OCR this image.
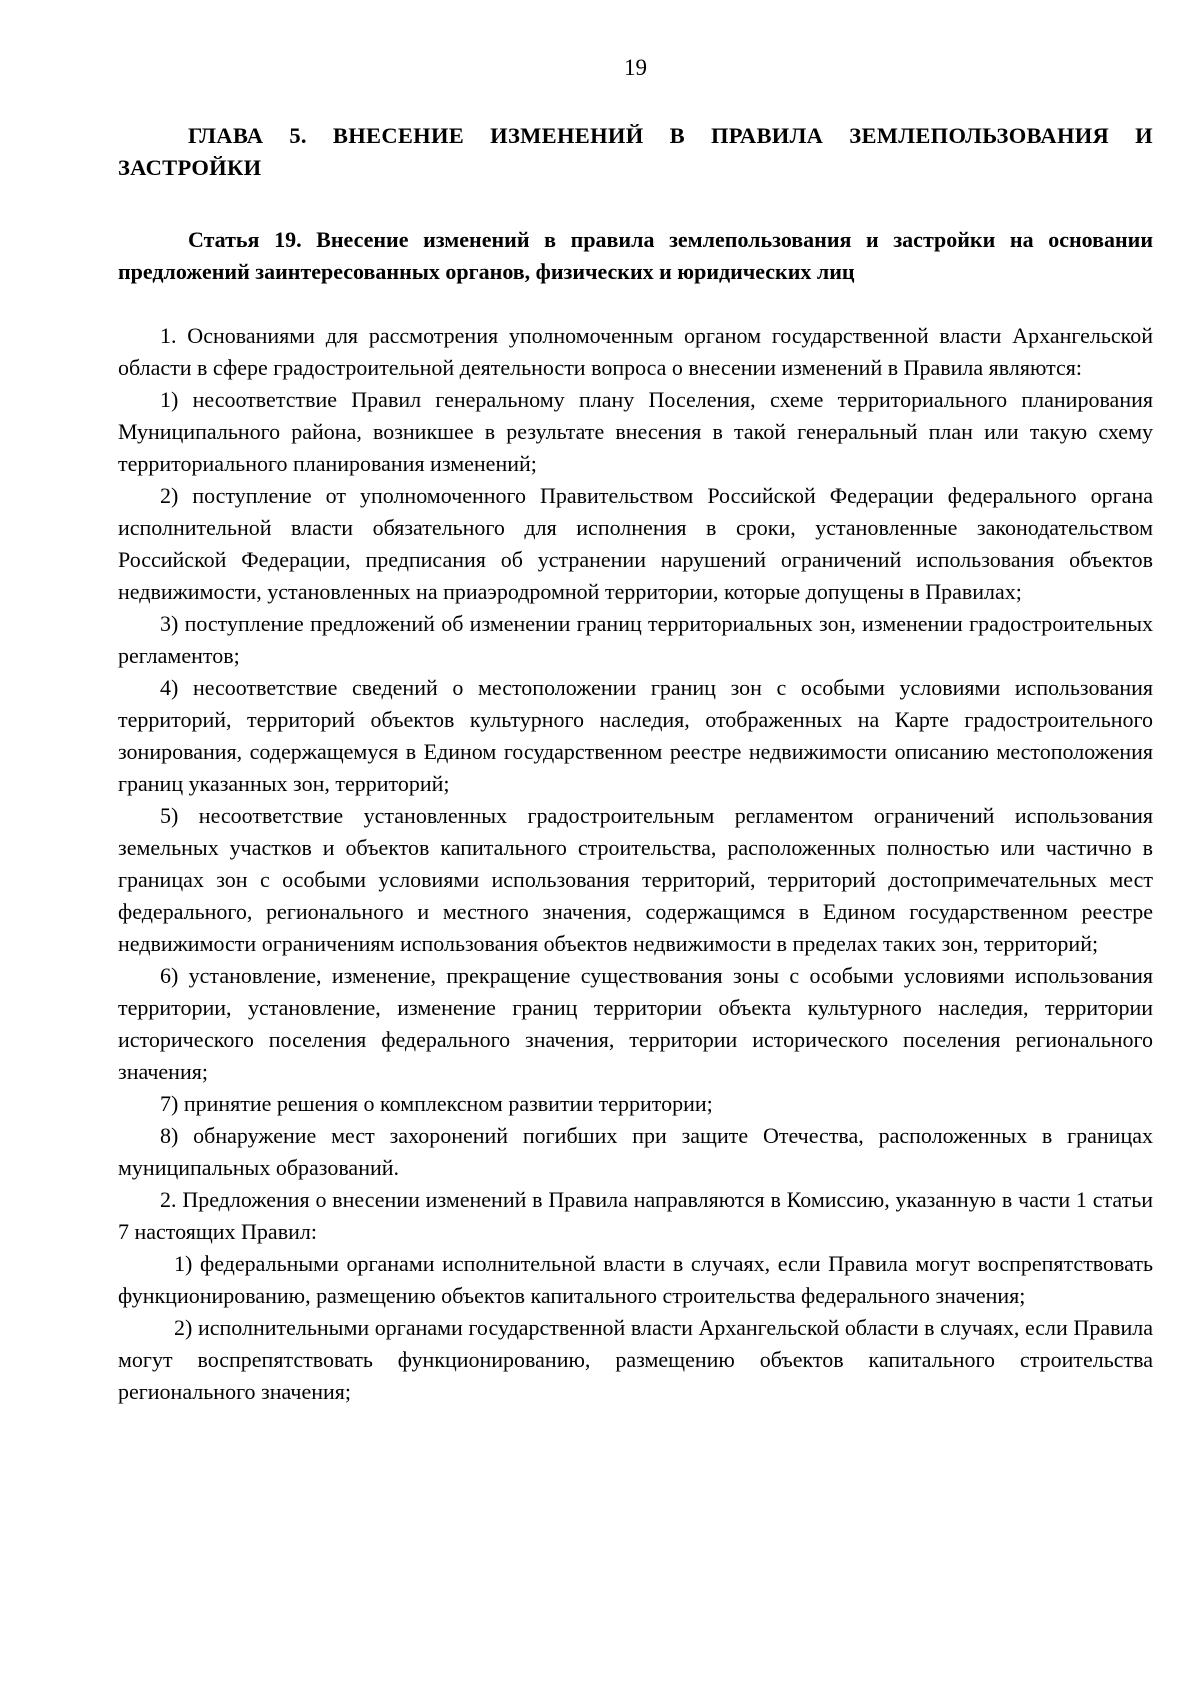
19
ГЛАВА 5. ВНЕСЕНИЕ ИЗМЕНЕНИЙ В ПРАВИЛА ЗЕМЛЕПОЛЬЗОВАНИЯ И ЗАСТРОЙКИ
Статья 19. Внесение изменений в правила землепользования и застройки на основании предложений заинтересованных органов, физических и юридических лиц

1. Основаниями для рассмотрения уполномоченным органом государственной власти Архангельской области в сфере градостроительной деятельности вопроса о внесении изменений в Правила являются:

1) несоответствие Правил генеральному плану Поселения, схеме территориального планирования Муниципального района, возникшее в результате внесения в такой генеральный план или такую схему территориального планирования изменений;

2) поступление от уполномоченного Правительством Российской Федерации федерального органа исполнительной власти обязательного для исполнения в сроки, установленные законодательством Российской Федерации, предписания об устранении нарушений ограничений использования объектов недвижимости, установленных на приаэродромной территории, которые допущены в Правилах;

3) поступление предложений об изменении границ территориальных зон, изменении градостроительных регламентов;

4) несоответствие сведений о местоположении границ зон с особыми условиями использования территорий, территорий объектов культурного наследия, отображенных на Карте градостроительного зонирования, содержащемуся в Едином государственном реестре недвижимости описанию местоположения границ указанных зон, территорий;

5) несоответствие установленных градостроительным регламентом ограничений использования земельных участков и объектов капитального строительства, расположенных полностью или частично в границах зон с особыми условиями использования территорий, территорий достопримечательных мест федерального, регионального и местного значения, содержащимся в Едином государственном реестре недвижимости ограничениям использования объектов недвижимости в пределах таких зон, территорий;

6) установление, изменение, прекращение существования зоны с особыми условиями использования территории, установление, изменение границ территории объекта культурного наследия, территории исторического поселения федерального значения, территории исторического поселения регионального значения;

7) принятие решения о комплексном развитии территории;

8) обнаружение мест захоронений погибших при защите Отечества, расположенных в границах муниципальных образований.

2. Предложения о внесении изменений в Правила направляются в Комиссию, указанную в части 1 статьи 7 настоящих Правил:

1) федеральными органами исполнительной власти в случаях, если Правила могут воспрепятствовать функционированию, размещению объектов капитального строительства федерального значения;

2) исполнительными органами государственной власти Архангельской области в случаях, если Правила могут воспрепятствовать функционированию, размещению объектов капитального строительства регионального значения;
